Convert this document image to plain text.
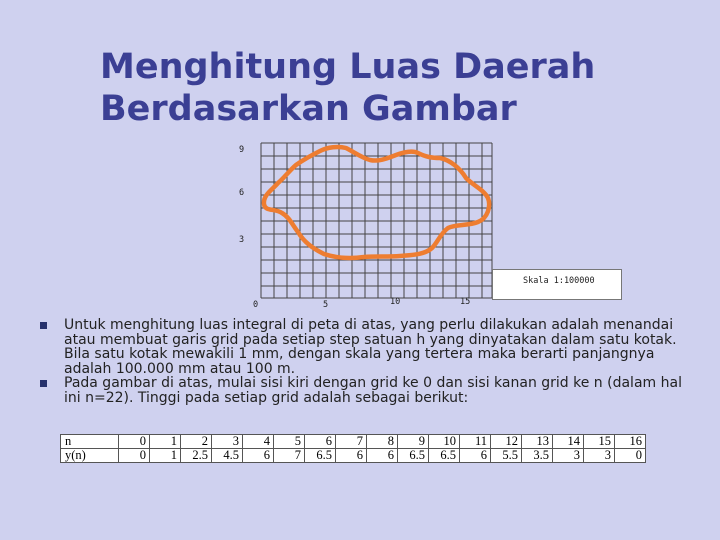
Menghitung Luas Daerah
Berdasarkan Gambar
9
6
3
0	5	10	15
Skala 1:100000
Untuk menghitung luas integral di peta di atas, yang perlu dilakukan adalah menandai atau membuat garis grid pada setiap step satuan h yang dinyatakan dalam satu kotak. Bila satu kotak mewakili 1 mm, dengan skala yang tertera maka berarti panjangnya adalah 100.000 mm atau 100 m.
Pada gambar di atas, mulai sisi kiri dengan grid ke 0 dan sisi kanan grid ke n (dalam hal ini n=22). Tinggi pada setiap grid adalah sebagai berikut:
n	0	1	2	3	4	5	6	7	8	9	10	11	12	13	14	15	16
y(n)	0	1	2.5	4.5	6	7	6.5	6	6	6.5	6.5	6	5.5	3.5	3	3	0
